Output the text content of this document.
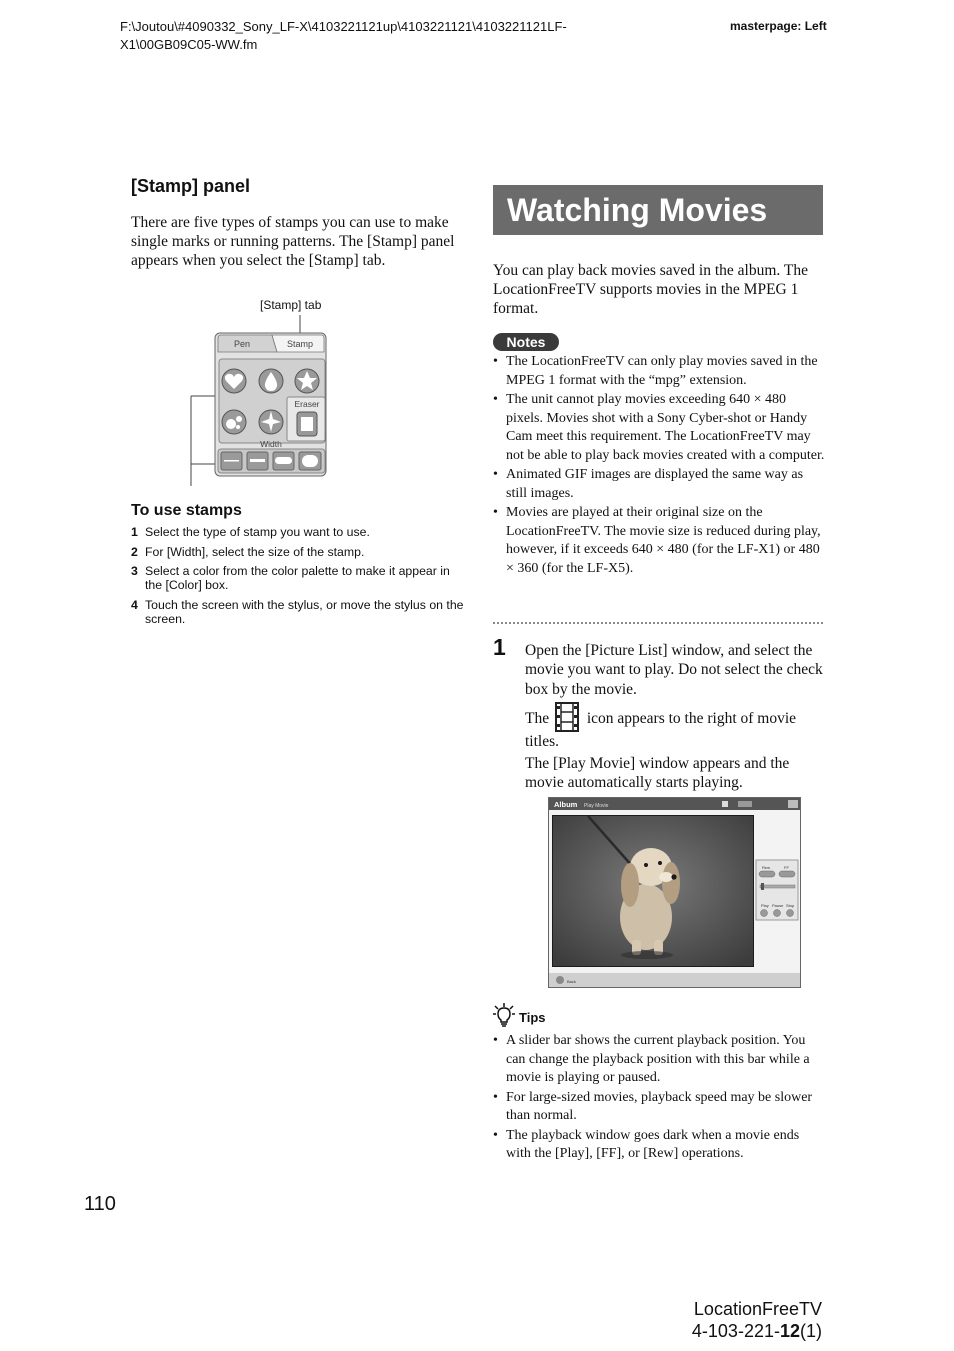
F:\Joutou\#4090332_Sony_LF-X\4103221121up\4103221121\4103221121LF-X1\00GB09C05-WW.fm
masterpage: Left
[Stamp] panel
There are five types of stamps you can use to make single marks or running patterns. The [Stamp] panel appears when you select the [Stamp] tab.
[Stamp] tab
Pen	Stamp
Eraser
Width
To use stamps
1 Select the type of stamp you want to use.
2 For [Width], select the size of the stamp.
3 Select a color from the color palette to make it appear in the [Color] box.
4 Touch the screen with the stylus, or move the stylus on the screen.
Watching Movies
You can play back movies saved in the album. The LocationFreeTV supports movies in the MPEG 1 format.
Notes
• The LocationFreeTV can only play movies saved in the MPEG 1 format with the “mpg” extension.
• The unit cannot play movies exceeding 640 × 480 pixels. Movies shot with a Sony Cyber-shot or Handy Cam meet this requirement. The LocationFreeTV may not be able to play back movies created with a computer.
• Animated GIF images are displayed the same way as still images.
• Movies are played at their original size on the LocationFreeTV. The movie size is reduced during play, however, if it exceeds 640 × 480 (for the LF-X1) or 480 × 360 (for the LF-X5).
1 Open the [Picture List] window, and select the movie you want to play. Do not select the check box by the movie.

The icon appears to the right of movie titles.

The [Play Movie] window appears and the movie automatically starts playing.

Album Play Movie
Rew	FF
Play Pause Stop
Back
Tips
• A slider bar shows the current playback position. You can change the playback position with this bar while a movie is playing or paused.
• For large-sized movies, playback speed may be slower than normal.
• The playback window goes dark when a movie ends with the [Play], [FF], or [Rew] operations.
110
LocationFreeTV
4-103-221-12(1)
